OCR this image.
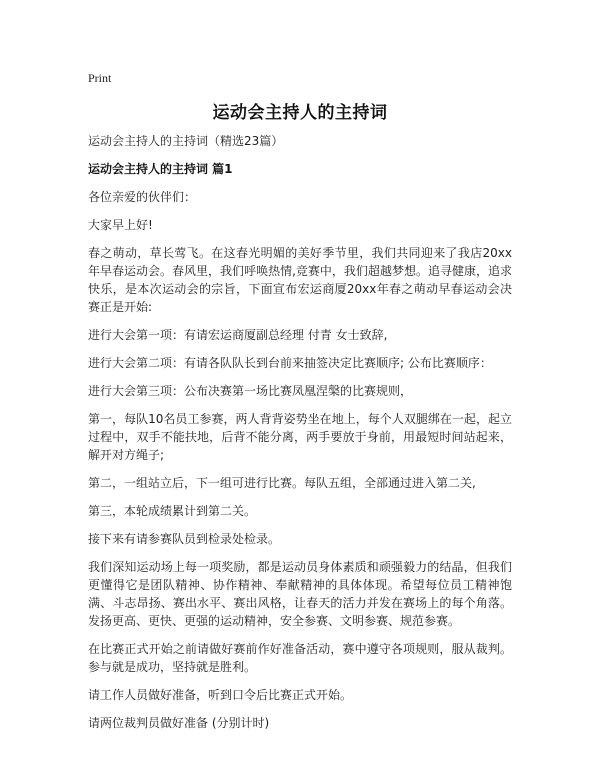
Print
运动会主持人的主持词

运动会主持人的主持词（精选23篇）

运动会主持人的主持词 篇1

各位亲爱的伙伴们：

大家早上好!

春之萌动，草长莺飞。在这春光明媚的美好季节里，我们共同迎来了我店20xx年早春运动会。春风里，我们呼唤热情,竞赛中，我们超越梦想。追寻健康，追求快乐，是本次运动会的宗旨，下面宣布宏运商厦20xx年春之萌动早春运动会决赛正是开始:

进行大会第一项：有请宏运商厦副总经理 付青 女士致辞,

进行大会第二项：有请各队队长到台前来抽签决定比赛顺序; 公布比赛顺序：

进行大会第三项：公布决赛第一场比赛凤凰涅槃的比赛规则，

第一，每队10名员工参赛，两人背背姿势坐在地上，每个人双腿绑在一起，起立过程中，双手不能扶地，后背不能分离，两手要放于身前，用最短时间站起来，解开对方绳子;

第二，一组站立后，下一组可进行比赛。每队五组，全部通过进入第二关,

第三，本轮成绩累计到第二关。

接下来有请参赛队员到检录处检录。

我们深知运动场上每一项奖励，都是运动员身体素质和顽强毅力的结晶，但我们更懂得它是团队精神、协作精神、奉献精神的具体体现。希望每位员工精神饱满、斗志昂扬、赛出水平、赛出风格，让春天的活力并发在赛场上的每个角落。发扬更高、更快、更强的运动精神，安全参赛、文明参赛、规范参赛。

在比赛正式开始之前请做好赛前作好准备活动，赛中遵守各项规则，服从裁判。参与就是成功，坚持就是胜利。

请工作人员做好准备，听到口令后比赛正式开始。

请两位裁判员做好准备 (分别计时)
